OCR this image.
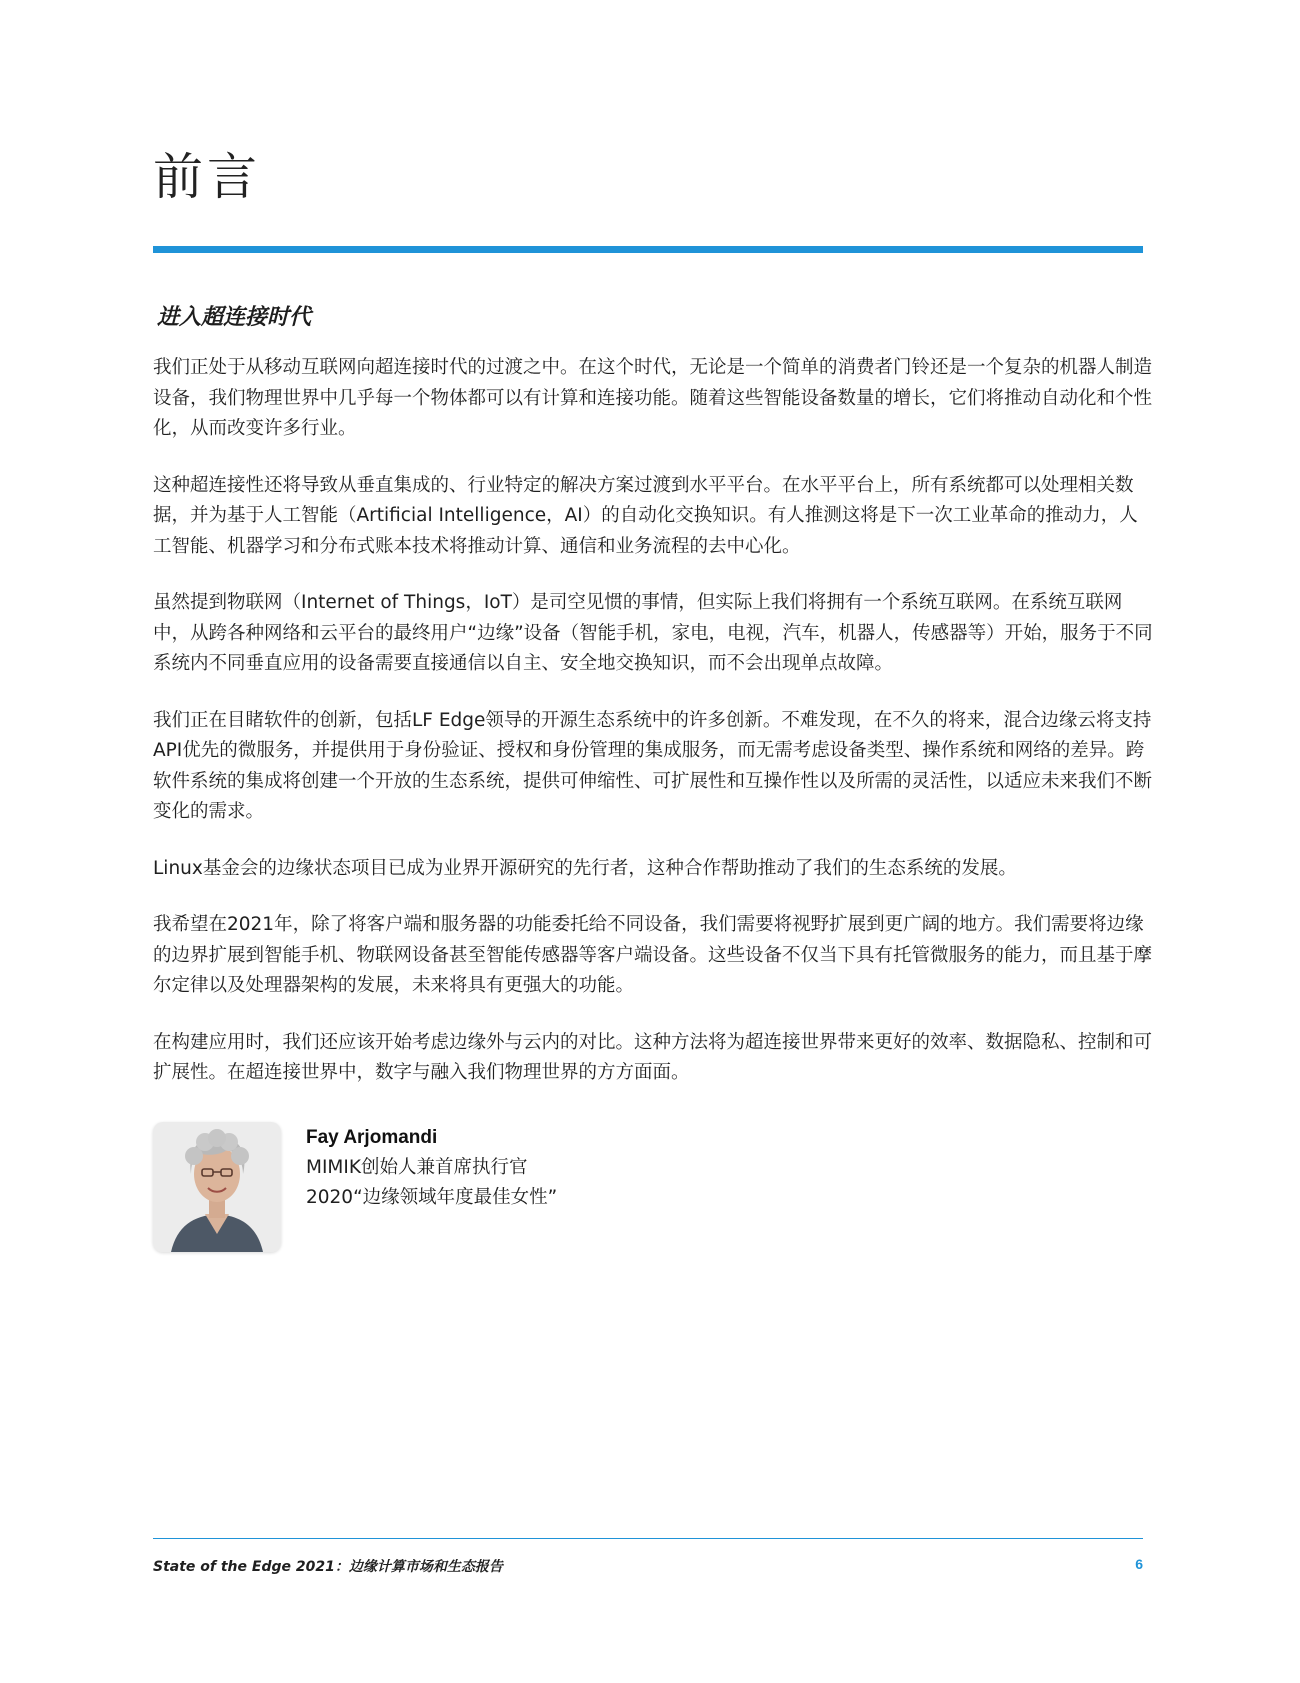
前言
进入超连接时代

我们正处于从移动互联网向超连接时代的过渡之中。在这个时代，无论是一个简单的消费者门铃还是一个复杂的机器人制造设备，我们物理世界中几乎每一个物体都可以有计算和连接功能。随着这些智能设备数量的增长，它们将推动自动化和个性化，从而改变许多行业。

这种超连接性还将导致从垂直集成的、行业特定的解决方案过渡到水平平台。在水平平台上，所有系统都可以处理相关数据，并为基于人工智能（Artificial Intelligence，AI）的自动化交换知识。有人推测这将是下一次工业革命的推动力，人工智能、机器学习和分布式账本技术将推动计算、通信和业务流程的去中心化。

虽然提到物联网（Internet of Things，IoT）是司空见惯的事情，但实际上我们将拥有一个系统互联网。在系统互联网中，从跨各种网络和云平台的最终用户“边缘”设备（智能手机，家电，电视，汽车，机器人，传感器等）开始，服务于不同系统内不同垂直应用的设备需要直接通信以自主、安全地交换知识，而不会出现单点故障。

我们正在目睹软件的创新，包括LF Edge领导的开源生态系统中的许多创新。不难发现，在不久的将来，混合边缘云将支持API优先的微服务，并提供用于身份验证、授权和身份管理的集成服务，而无需考虑设备类型、操作系统和网络的差异。跨软件系统的集成将创建一个开放的生态系统，提供可伸缩性、可扩展性和互操作性以及所需的灵活性，以适应未来我们不断变化的需求。

Linux基金会的边缘状态项目已成为业界开源研究的先行者，这种合作帮助推动了我们的生态系统的发展。

我希望在2021年，除了将客户端和服务器的功能委托给不同设备，我们需要将视野扩展到更广阔的地方。我们需要将边缘的边界扩展到智能手机、物联网设备甚至智能传感器等客户端设备。这些设备不仅当下具有托管微服务的能力，而且基于摩尔定律以及处理器架构的发展，未来将具有更强大的功能。

在构建应用时，我们还应该开始考虑边缘外与云内的对比。这种方法将为超连接世界带来更好的效率、数据隐私、控制和可扩展性。在超连接世界中，数字与融入我们物理世界的方方面面。

Fay Arjomandi
MIMIK创始人兼首席执行官
2020“边缘领域年度最佳女性”
State of the Edge 2021：边缘计算市场和生态报告	6
